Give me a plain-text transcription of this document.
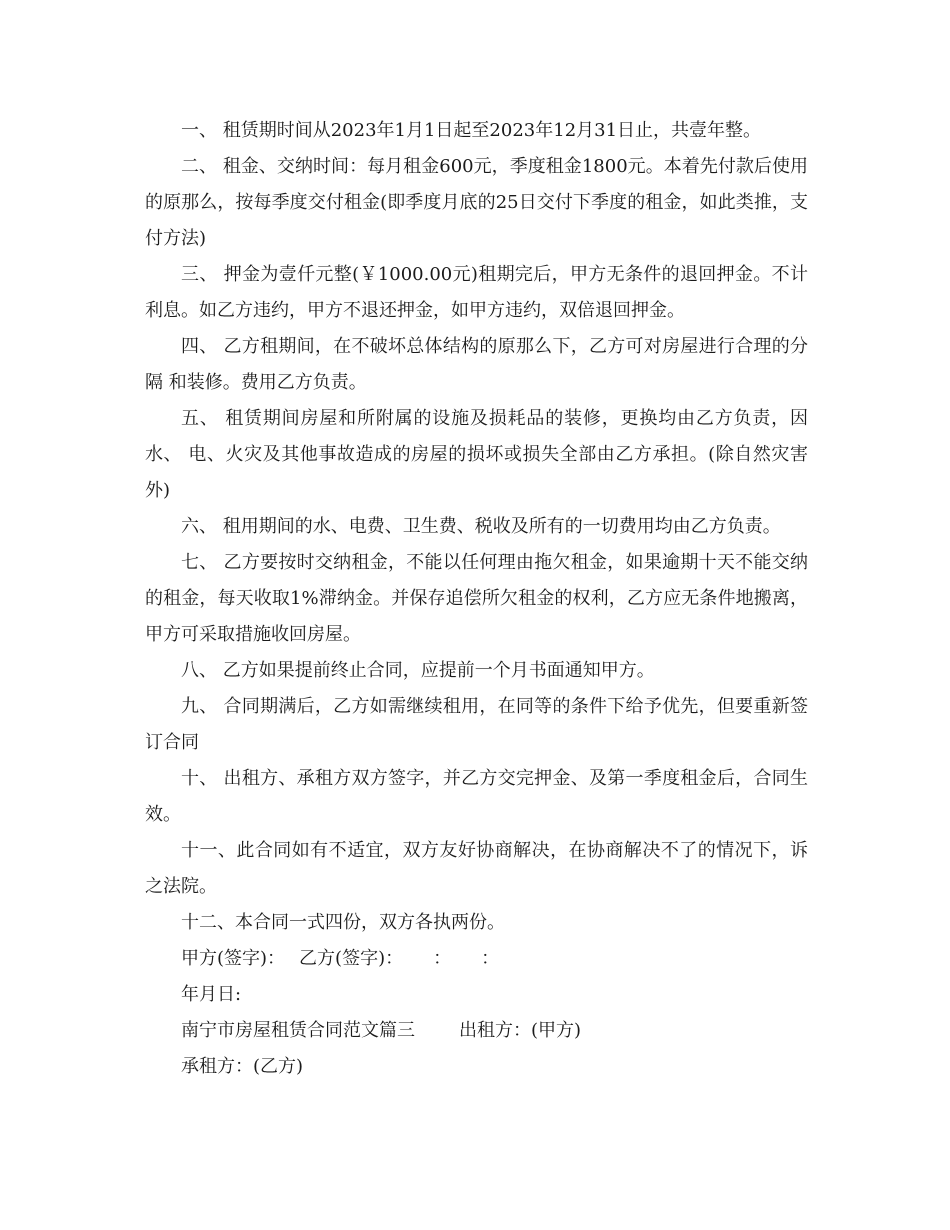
一、 租赁期时间从2023年1月1日起至2023年12月31日止，共壹年整。

二、 租金、交纳时间：每月租金600元，季度租金1800元。本着先付款后使用的原那么，按每季度交付租金(即季度月底的25日交付下季度的租金，如此类推，支付方法)

三、 押金为壹仟元整(￥1000.00元)租期完后，甲方无条件的退回押金。不计利息。如乙方违约，甲方不退还押金，如甲方违约，双倍退回押金。

四、 乙方租期间，在不破坏总体结构的原那么下，乙方可对房屋进行合理的分隔 和装修。费用乙方负责。

五、 租赁期间房屋和所附属的设施及损耗品的装修，更换均由乙方负责，因水、 电、火灾及其他事故造成的房屋的损坏或损失全部由乙方承担。(除自然灾害外)

六、 租用期间的水、电费、卫生费、税收及所有的一切费用均由乙方负责。

七、 乙方要按时交纳租金，不能以任何理由拖欠租金，如果逾期十天不能交纳的租金，每天收取1%滞纳金。并保存追偿所欠租金的权利，乙方应无条件地搬离，甲方可采取措施收回房屋。

八、 乙方如果提前终止合同，应提前一个月书面通知甲方。

九、 合同期满后，乙方如需继续租用，在同等的条件下给予优先，但要重新签 订合同

十、 出租方、承租方双方签字，并乙方交完押金、及第一季度租金后，合同生效。

十一、此合同如有不适宜，双方友好协商解决，在协商解决不了的情况下，诉 之法院。

十二、本合同一式四份，双方各执两份。

甲方(签字)： 乙方(签字)： ： ：

年月日:

南宁市房屋租赁合同范文篇三 出租方：(甲方)

承租方：(乙方)
